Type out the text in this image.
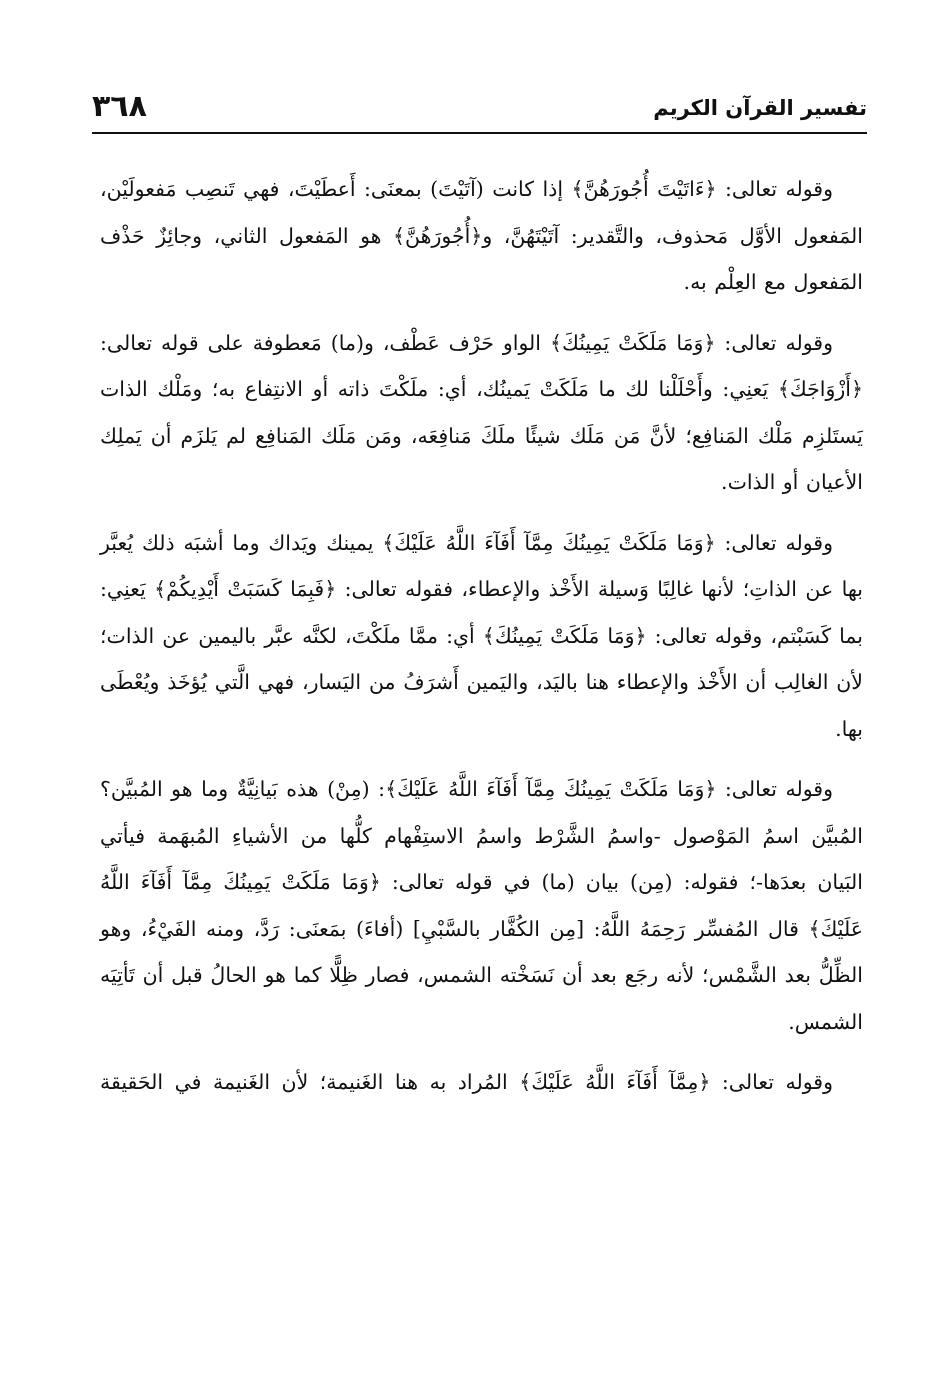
٣٦٨	تفسير القرآن الكريم

وقوله تعالى: ﴿ءَاتَيْتَ أُجُورَهُنَّ﴾ إذا كانت (آتَيْتَ) بمعنَى: أَعطَيْتَ، فهي تَنصِب مَفعولَيْن، المَفعول الأوَّل مَحذوف، والتَّقدير: آتَيْتَهُنَّ، و﴿أُجُورَهُنَّ﴾ هو المَفعول الثاني، وجائِزٌ حَذْف المَفعول مع العِلْم به.

وقوله تعالى: ﴿وَمَا مَلَكَتْ يَمِينُكَ﴾ الواو حَرْف عَطْف، و(ما) مَعطوفة على قوله تعالى: ﴿أَزْوَاجَكَ﴾ يَعنِي: وأَحْلَلْنا لك ما مَلَكَتْ يَمينُك، أي: ملَكْتَ ذاته أو الانتِفاع به؛ ومَلْك الذات يَستَلزِم مَلْك المَنافِع؛ لأنَّ مَن مَلَك شيئًا ملَكَ مَنافِعَه، ومَن مَلَك المَنافِع لم يَلزَم أن يَملِك الأعيان أو الذات.

وقوله تعالى: ﴿وَمَا مَلَكَتْ يَمِينُكَ مِمَّآ أَفَآءَ اللَّهُ عَلَيْكَ﴾ يمينك ويَداك وما أشبَه ذلك يُعبَّر بها عن الذاتِ؛ لأنها غالِبًا وَسيلة الأَخْذ والإعطاء، فقوله تعالى: ﴿فَبِمَا كَسَبَتْ أَيْدِيكُمْ﴾ يَعنِي: بما كَسَبْتم، وقوله تعالى: ﴿وَمَا مَلَكَتْ يَمِينُكَ﴾ أي: ممَّا ملَكْتَ، لكنَّه عبَّر باليمين عن الذات؛ لأن الغالِب أن الأَخْذ والإعطاء هنا باليَد، واليَمين أَشرَفُ من اليَسار، فهي الَّتي يُؤخَذ ويُعْطَى بها.

وقوله تعالى: ﴿وَمَا مَلَكَتْ يَمِينُكَ مِمَّآ أَفَآءَ اللَّهُ عَلَيْكَ﴾: (مِنْ) هذه بَيانِيَّةٌ وما هو المُبيَّن؟ المُبيَّن اسمُ المَوْصول -واسمُ الشَّرْط واسمُ الاستِفْهام كلُّها من الأشياءِ المُبهَمة فيأتي البَيان بعدَها-؛ فقوله: (مِن) بيان (ما) في قوله تعالى: ﴿وَمَا مَلَكَتْ يَمِينُكَ مِمَّآ أَفَآءَ اللَّهُ عَلَيْكَ﴾ قال المُفسِّر رَحِمَهُ اللَّهُ: [مِن الكُفَّار بالسَّبْيِ] (أفاءَ) بمَعنَى: رَدَّ، ومنه الفَيْءُ، وهو الظِّلُّ بعد الشَّمْس؛ لأنه رجَع بعد أن نَسَخْته الشمس، فصار ظِلًّا كما هو الحالُ قبل أن تَأتِيَه الشمس.

وقوله تعالى: ﴿مِمَّآ أَفَآءَ اللَّهُ عَلَيْكَ﴾ المُراد به هنا الغَنيمة؛ لأن الغَنيمة في الحَقيقة
